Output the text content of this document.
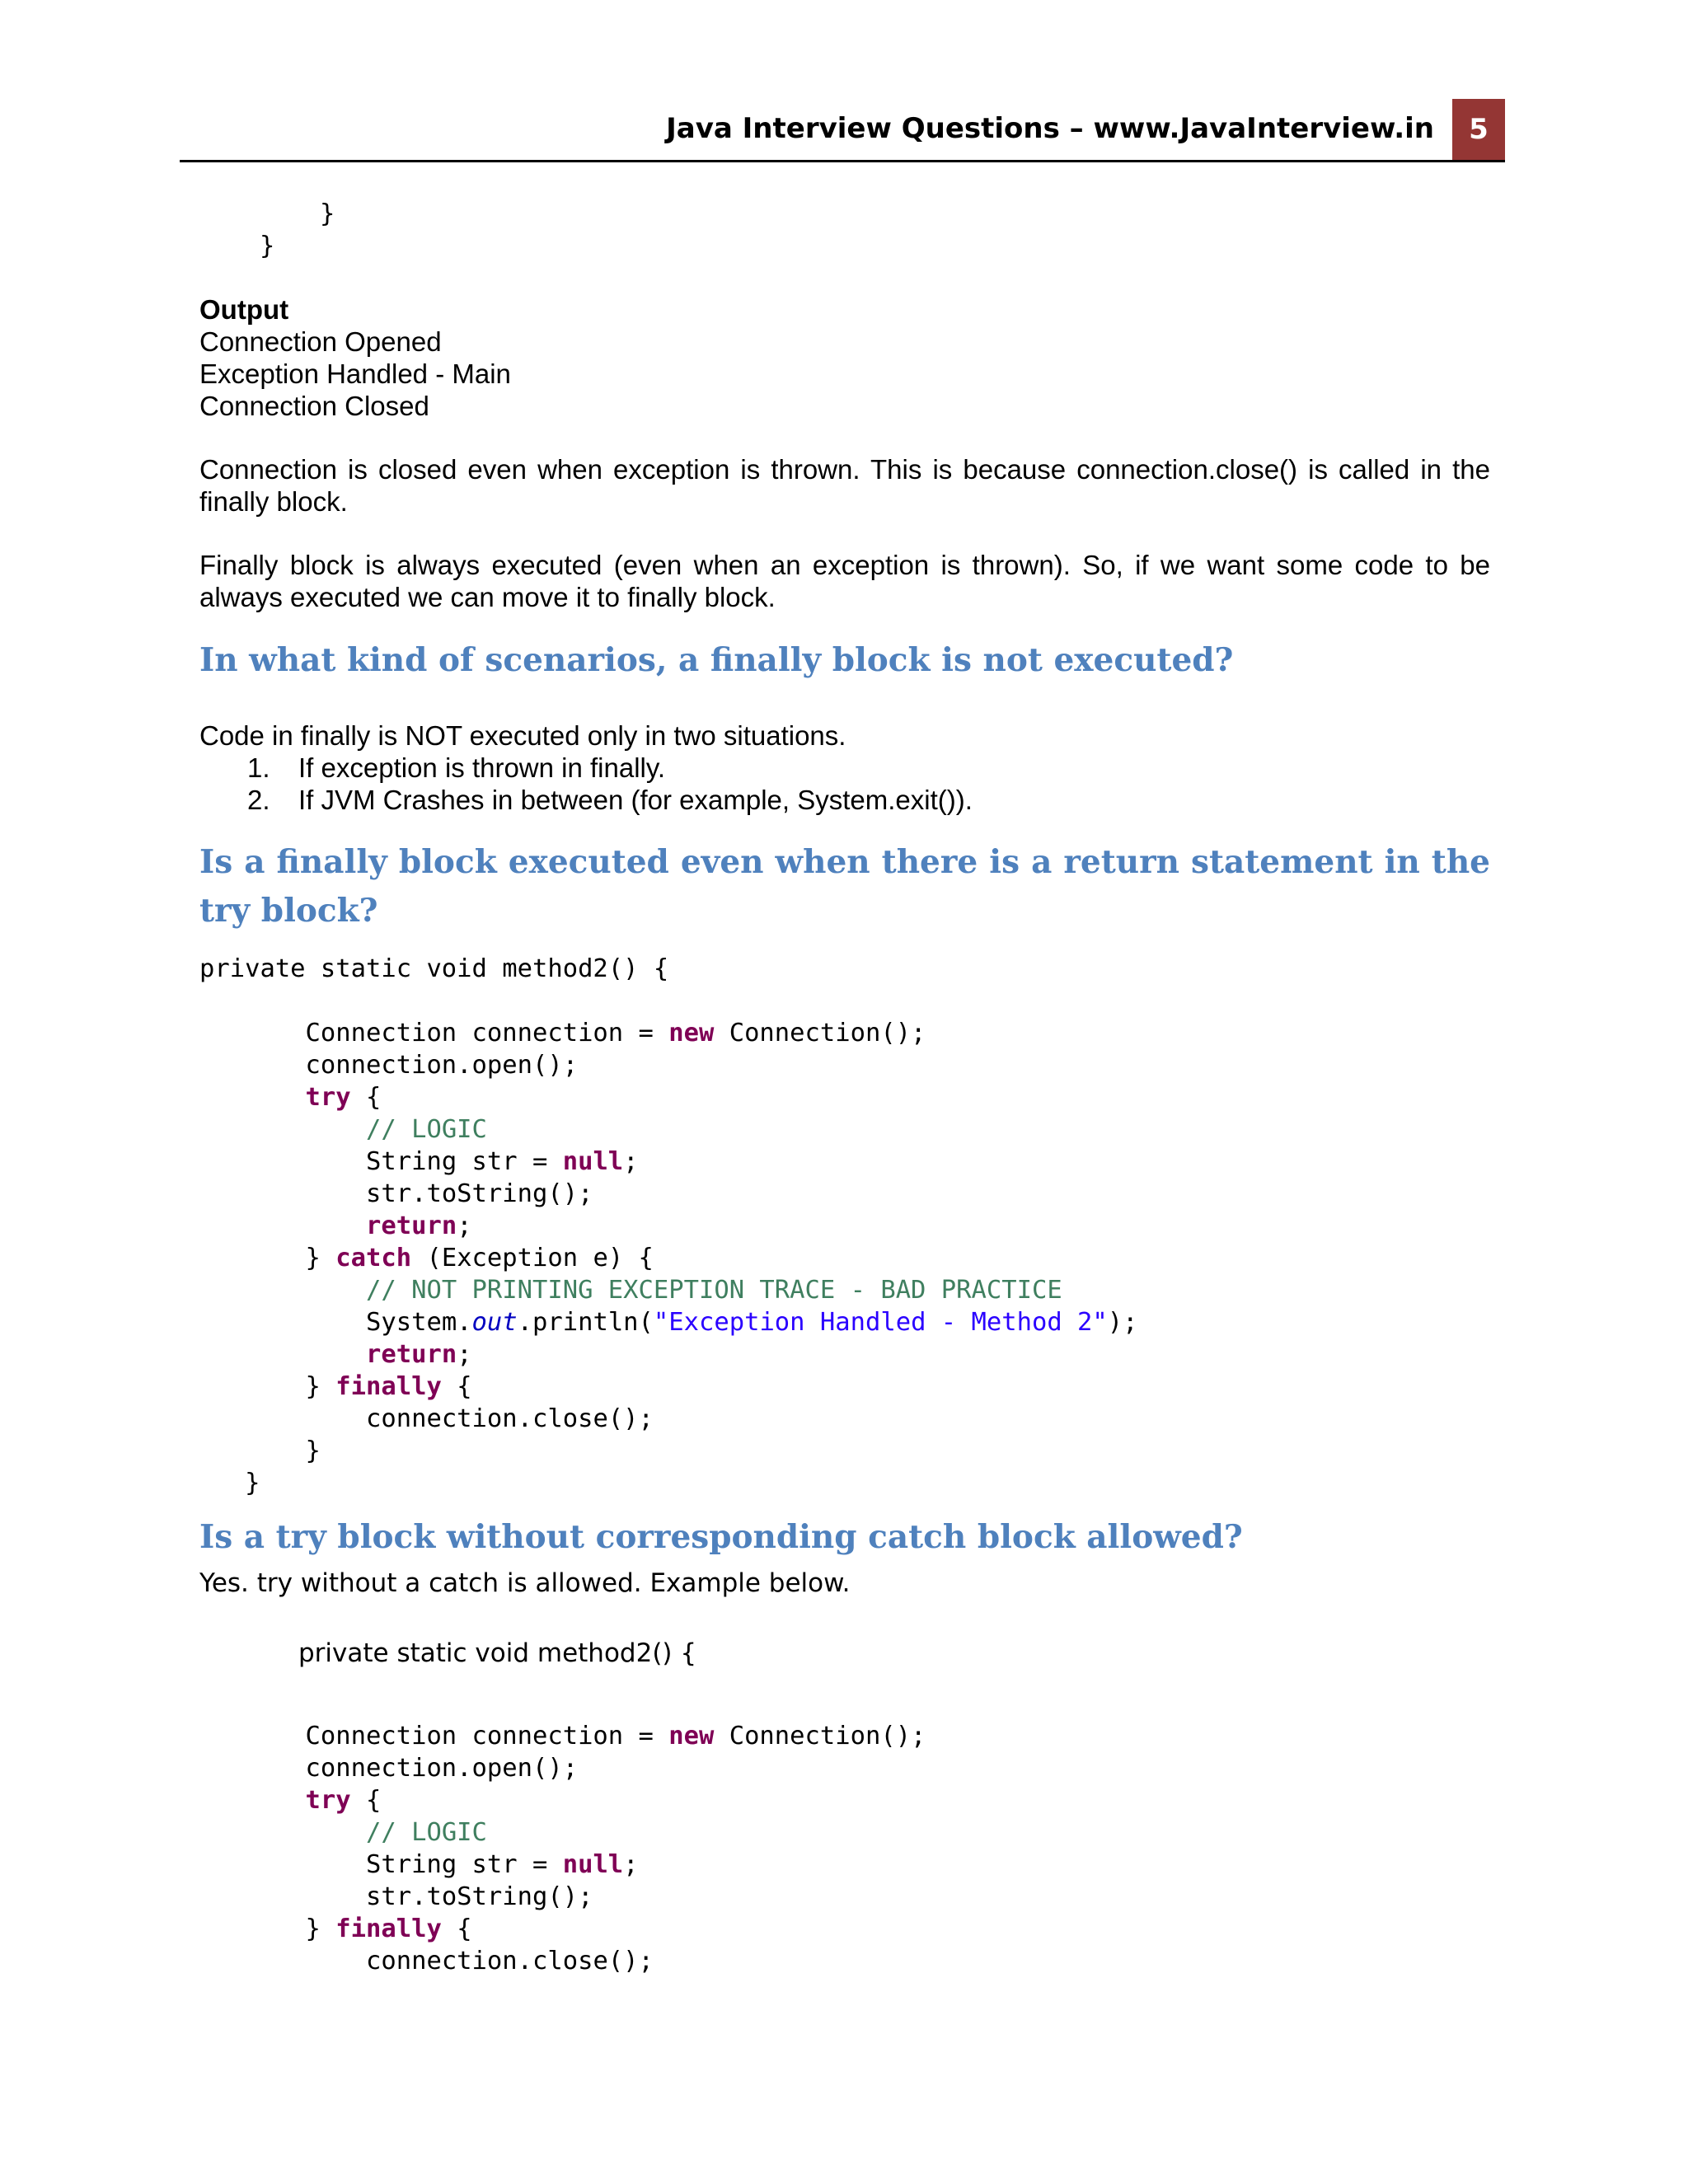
Java Interview Questions – www.JavaInterview.in	5
}
}
Output
Connection Opened
Exception Handled - Main
Connection Closed

Connection is closed even when exception is thrown. This is because connection.close() is called in the finally block.

Finally block is always executed (even when an exception is thrown). So, if we want some code to be always executed we can move it to finally block.

In what kind of scenarios, a finally block is not executed?
Code in finally is NOT executed only in two situations.
1. If exception is thrown in finally.
2. If JVM Crashes in between (for example, System.exit()).
Is a finally block executed even when there is a return statement in the try block?

private static void method2() {

Connection connection = new Connection();
connection.open();
try {
// LOGIC
String str = null;
str.toString();
return;
} catch (Exception e) {
// NOT PRINTING EXCEPTION TRACE - BAD PRACTICE
System.out.println("Exception Handled - Method 2");
return;
} finally {
connection.close();
}
}

Is a try block without corresponding catch block allowed?
Yes. try without a catch is allowed. Example below.
private static void method2() {

Connection connection = new Connection();
connection.open();
try {
// LOGIC
String str = null;
str.toString();
} finally {
connection.close();
